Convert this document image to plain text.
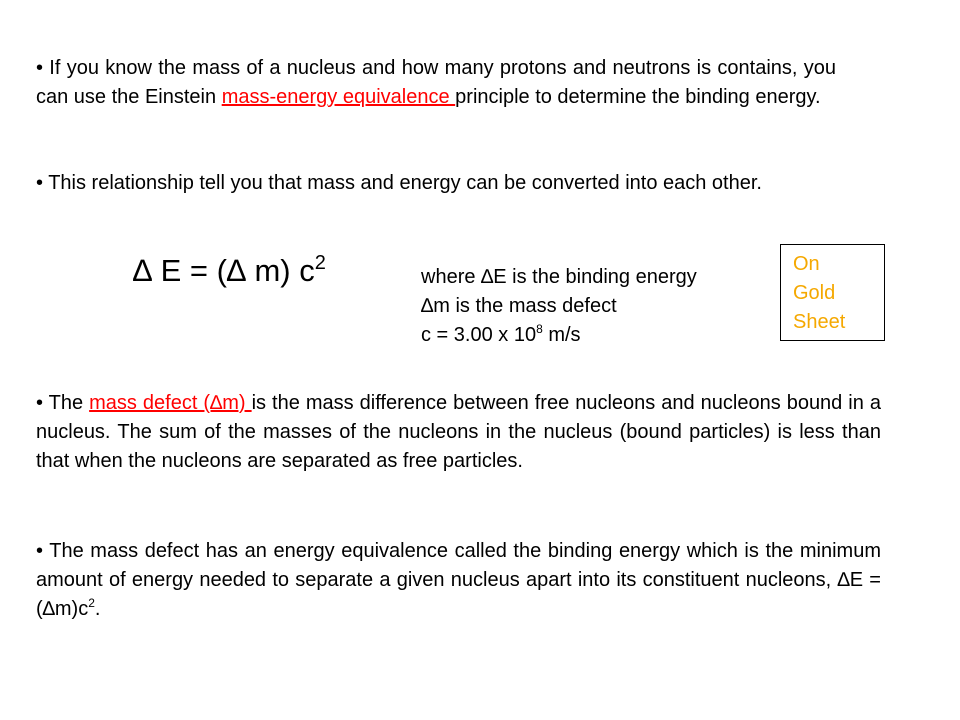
• If you know the mass of a nucleus and how many protons and neutrons is contains, you can use the Einstein mass-energy equivalence principle to determine the binding energy.
• This relationship tell you that mass and energy can be converted into each other.
∆ E = (∆ m) $c^2$
where ∆E is the binding energy
∆m is the mass defect
c = 3.00 x $10^8$ m/s
On
Gold
Sheet
• The mass defect (∆m) is the mass difference between free nucleons and nucleons bound in a nucleus. The sum of the masses of the nucleons in the nucleus (bound particles) is less than that when the nucleons are separated as free particles.
• The mass defect has an energy equivalence called the binding energy which is the minimum amount of energy needed to separate a given nucleus apart into its constituent nucleons, $\Delta E = (\Delta m)c^2$.
